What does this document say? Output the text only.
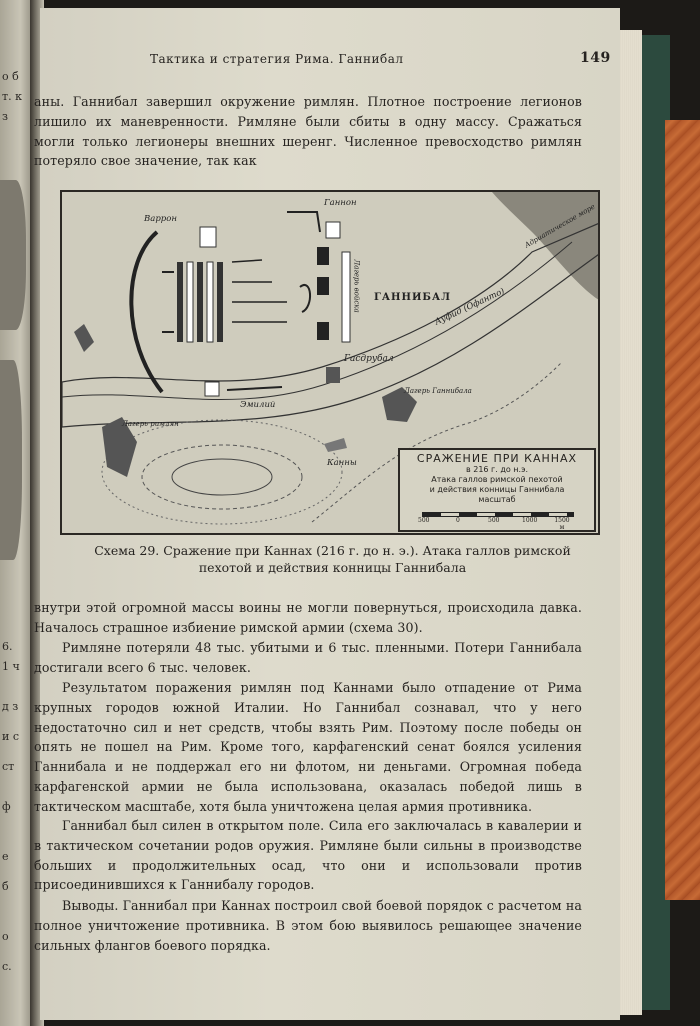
о б
т. к
з
6.
1 ч
д з
и с
ст
ф
е
б
о
с.
Тактика и стратегия Рима. Ганнибал	149
аны. Ганнибал завершил окружение римлян. Плотное построение легионов лишило их маневренности. Римляне были сбиты в одну массу. Сражаться могли только легионеры внешних шеренг. Численное превосходство римлян потеряло свое значение, так как
Варрон
Ганнон
ГАННИБАЛ
Гасдрубал
Эмилий
Канны
Ауфид (Офанто)
Адриатическое море
Лагерь войска
Лагерь римлян
Лагерь Ганнибала
СРАЖЕНИЕ ПРИ КАННАХ
в 216 г. до н.э.
Атака галлов римской пехотой
и действия конницы Ганнибала
масштаб
500	0	500	1000	1500 м
Схема 29. Сражение при Каннах (216 г. до н. э.). Атака галлов римской
пехотой и действия конницы Ганнибала
внутри этой огромной массы воины не могли повернуться, происходила давка. Началось страшное избиение римской армии (схема 30).
Римляне потеряли 48 тыс. убитыми и 6 тыс. пленными. Потери Ганнибала достигали всего 6 тыс. человек.
Результатом поражения римлян под Каннами было отпадение от Рима крупных городов южной Италии. Но Ганнибал сознавал, что у него недостаточно сил и нет средств, чтобы взять Рим. Поэтому после победы он опять не пошел на Рим. Кроме того, карфагенский сенат боялся усиления Ганнибала и не поддержал его ни флотом, ни деньгами. Огромная победа карфагенской армии не была использована, оказалась победой лишь в тактическом масштабе, хотя была уничтожена целая армия противника.
Ганнибал был силен в открытом поле. Сила его заключалась в кавалерии и в тактическом сочетании родов оружия. Римляне были сильны в производстве больших и продолжительных осад, что они и использовали против присоединившихся к Ганнибалу городов.
Выводы. Ганнибал при Каннах построил свой боевой порядок с расчетом на полное уничтожение противника. В этом бою выявилось решающее значение сильных флангов боевого порядка.
